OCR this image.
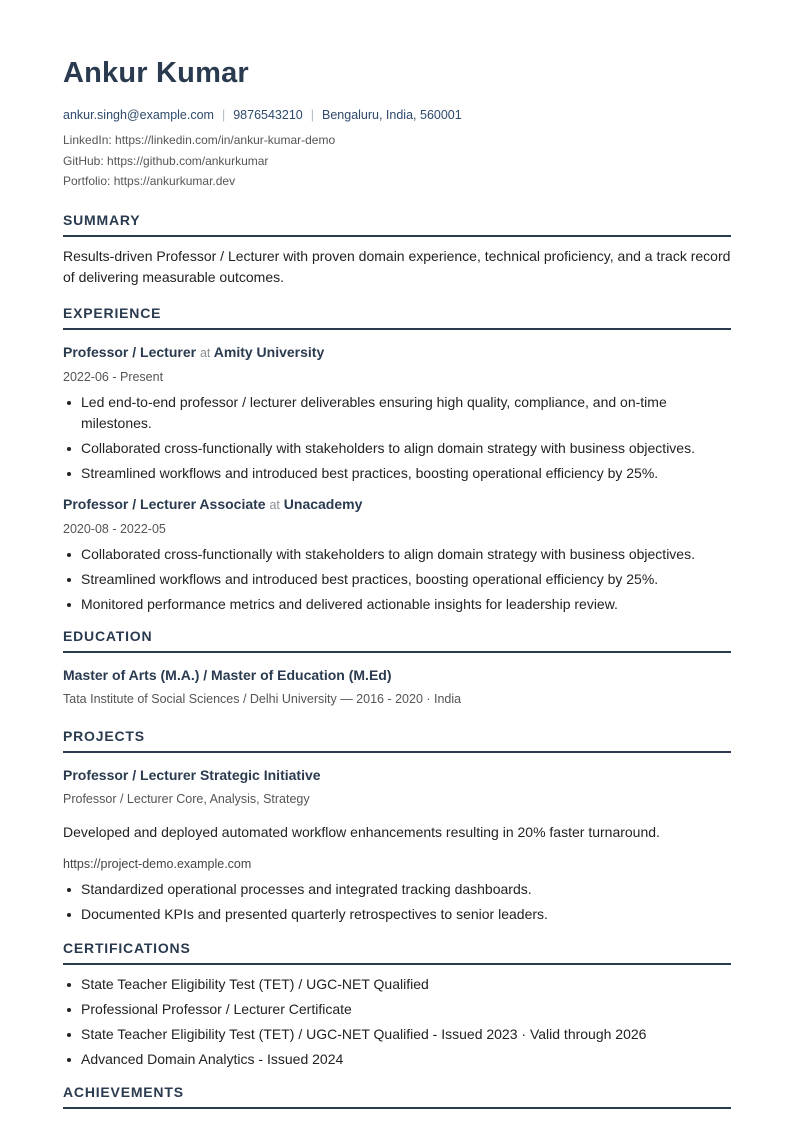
Ankur Kumar
ankur.singh@example.com | 9876543210 | Bengaluru, India, 560001
LinkedIn: https://linkedin.com/in/ankur-kumar-demo
GitHub: https://github.com/ankurkumar
Portfolio: https://ankurkumar.dev
SUMMARY
Results-driven Professor / Lecturer with proven domain experience, technical proficiency, and a track record of delivering measurable outcomes.
EXPERIENCE
Professor / Lecturer at Amity University
2022-06 - Present
Led end-to-end professor / lecturer deliverables ensuring high quality, compliance, and on-time milestones.
Collaborated cross-functionally with stakeholders to align domain strategy with business objectives.
Streamlined workflows and introduced best practices, boosting operational efficiency by 25%.
Professor / Lecturer Associate at Unacademy
2020-08 - 2022-05
Collaborated cross-functionally with stakeholders to align domain strategy with business objectives.
Streamlined workflows and introduced best practices, boosting operational efficiency by 25%.
Monitored performance metrics and delivered actionable insights for leadership review.
EDUCATION
Master of Arts (M.A.) / Master of Education (M.Ed)
Tata Institute of Social Sciences / Delhi University — 2016 - 2020 · India
PROJECTS
Professor / Lecturer Strategic Initiative
Professor / Lecturer Core, Analysis, Strategy
Developed and deployed automated workflow enhancements resulting in 20% faster turnaround.
https://project-demo.example.com
Standardized operational processes and integrated tracking dashboards.
Documented KPIs and presented quarterly retrospectives to senior leaders.
CERTIFICATIONS
State Teacher Eligibility Test (TET) / UGC-NET Qualified
Professional Professor / Lecturer Certificate
State Teacher Eligibility Test (TET) / UGC-NET Qualified - Issued 2023 · Valid through 2026
Advanced Domain Analytics - Issued 2024
ACHIEVEMENTS
